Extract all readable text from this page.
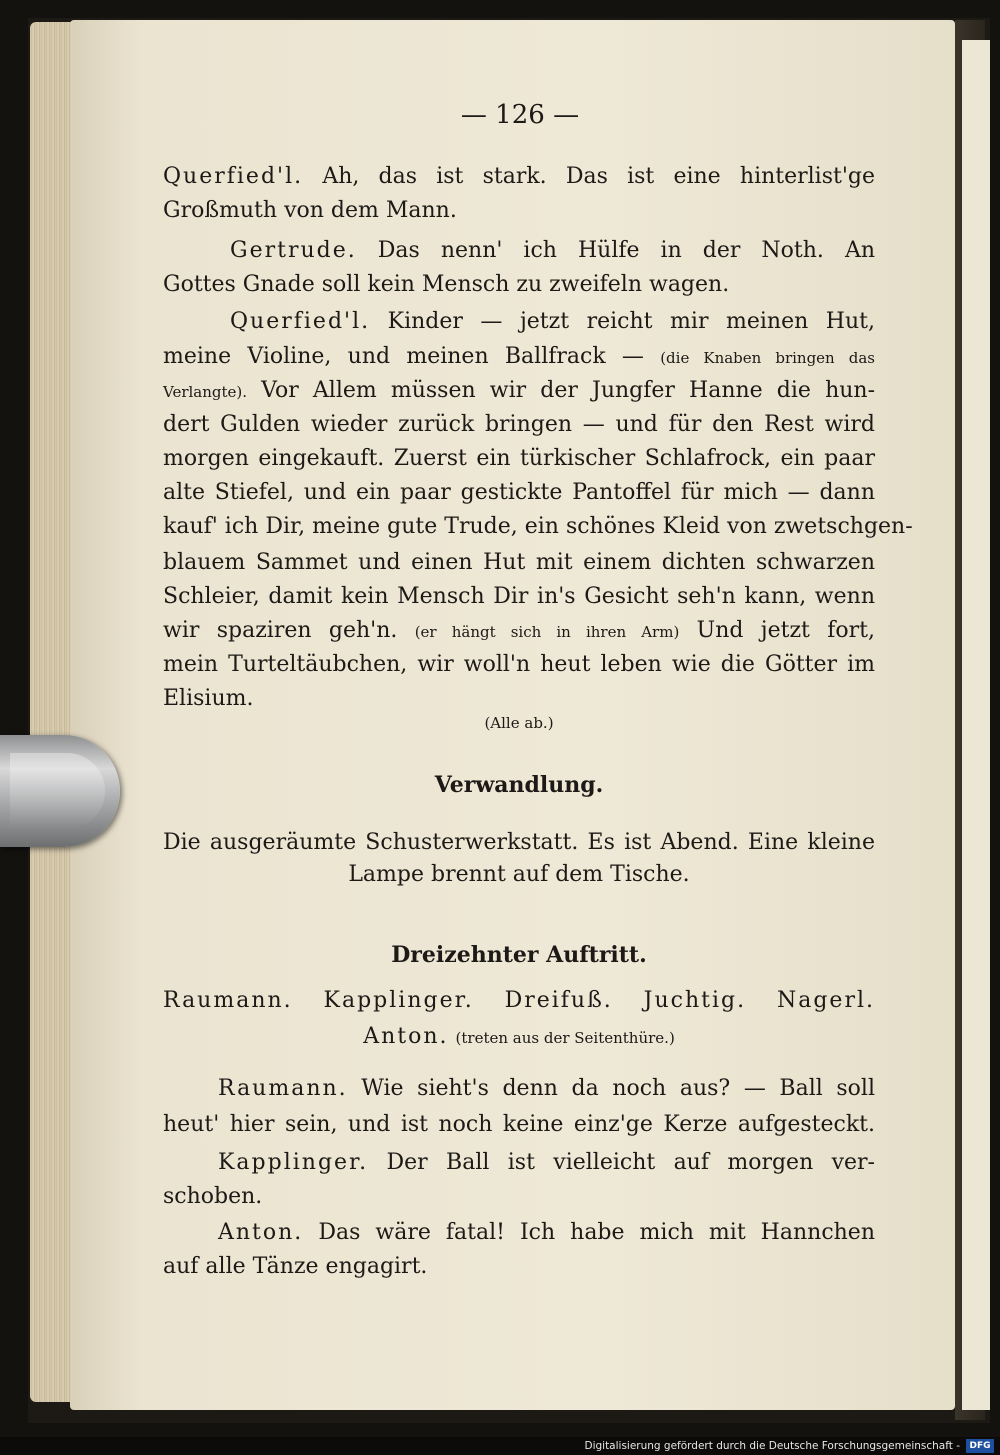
— 126 —
Querfied'l. Ah, das ist stark. Das ist eine hinterlist'ge
Großmuth von dem Mann.
Gertrude. Das nenn' ich Hülfe in der Noth. An
Gottes Gnade soll kein Mensch zu zweifeln wagen.
Querfied'l. Kinder — jetzt reicht mir meinen Hut,
meine Violine, und meinen Ballfrack — (die Knaben bringen das
Verlangte). Vor Allem müssen wir der Jungfer Hanne die hun-
dert Gulden wieder zurück bringen — und für den Rest wird
morgen eingekauft. Zuerst ein türkischer Schlafrock, ein paar
alte Stiefel, und ein paar gestickte Pantoffel für mich — dann
kauf' ich Dir, meine gute Trude, ein schönes Kleid von zwetschgen-
blauem Sammet und einen Hut mit einem dichten schwarzen
Schleier, damit kein Mensch Dir in's Gesicht seh'n kann, wenn
wir spaziren geh'n. (er hängt sich in ihren Arm) Und jetzt fort,
mein Turteltäubchen, wir woll'n heut leben wie die Götter im
Elisium.
(Alle ab.)
Verwandlung.
Die ausgeräumte Schusterwerkstatt. Es ist Abend. Eine kleine
Lampe brennt auf dem Tische.
Dreizehnter Auftritt.
Raumann. Kapplinger. Dreifuß. Juchtig. Nagerl.
Anton. (treten aus der Seitenthüre.)
Raumann. Wie sieht's denn da noch aus? — Ball soll
heut' hier sein, und ist noch keine einz'ge Kerze aufgesteckt.
Kapplinger. Der Ball ist vielleicht auf morgen ver-
schoben.
Anton. Das wäre fatal! Ich habe mich mit Hannchen
auf alle Tänze engagirt.
Digitalisierung gefördert durch die Deutsche Forschungsgemeinschaft -	DFG
